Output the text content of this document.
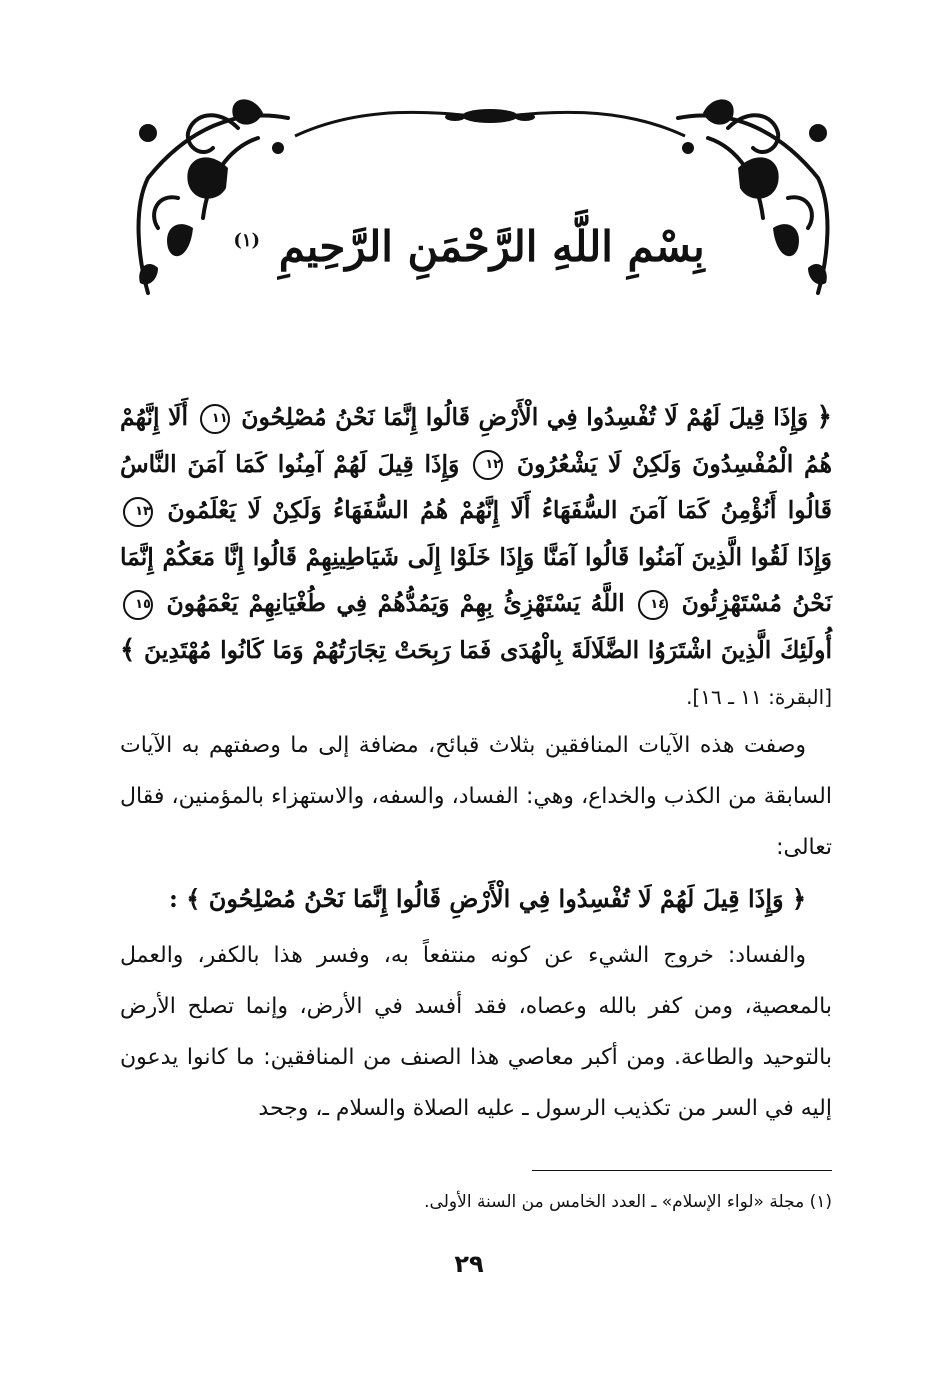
بِسْمِ اللَّهِ الرَّحْمَنِ الرَّحِيمِ $^{(١)}$
﴿ وَإِذَا قِيلَ لَهُمْ لَا تُفْسِدُوا فِي الْأَرْضِ قَالُوا إِنَّمَا نَحْنُ مُصْلِحُونَ ١١ أَلَا إِنَّهُمْ هُمُ الْمُفْسِدُونَ وَلَكِنْ لَا يَشْعُرُونَ ١٢ وَإِذَا قِيلَ لَهُمْ آمِنُوا كَمَا آمَنَ النَّاسُ قَالُوا أَنُؤْمِنُ كَمَا آمَنَ السُّفَهَاءُ أَلَا إِنَّهُمْ هُمُ السُّفَهَاءُ وَلَكِنْ لَا يَعْلَمُونَ ١٣ وَإِذَا لَقُوا الَّذِينَ آمَنُوا قَالُوا آمَنَّا وَإِذَا خَلَوْا إِلَى شَيَاطِينِهِمْ قَالُوا إِنَّا مَعَكُمْ إِنَّمَا نَحْنُ مُسْتَهْزِئُونَ ١٤ اللَّهُ يَسْتَهْزِئُ بِهِمْ وَيَمُدُّهُمْ فِي طُغْيَانِهِمْ يَعْمَهُونَ ١٥ أُولَئِكَ الَّذِينَ اشْتَرَوُا الضَّلَالَةَ بِالْهُدَى فَمَا رَبِحَتْ تِجَارَتُهُمْ وَمَا كَانُوا مُهْتَدِينَ ﴾[البقرة: ١١ ـ ١٦].

وصفت هذه الآيات المنافقين بثلاث قبائح، مضافة إلى ما وصفتهم به الآيات السابقة من الكذب والخداع، وهي: الفساد، والسفه، والاستهزاء بالمؤمنين، فقال تعالى:

﴿ وَإِذَا قِيلَ لَهُمْ لَا تُفْسِدُوا فِي الْأَرْضِ قَالُوا إِنَّمَا نَحْنُ مُصْلِحُونَ ﴾ :

والفساد: خروج الشيء عن كونه منتفعاً به، وفسر هذا بالكفر، والعمل بالمعصية، ومن كفر بالله وعصاه، فقد أفسد في الأرض، وإنما تصلح الأرض بالتوحيد والطاعة. ومن أكبر معاصي هذا الصنف من المنافقين: ما كانوا يدعون إليه في السر من تكذيب الرسول ـ عليه الصلاة والسلام ـ، وجحد

(١) مجلة «لواء الإسلام» ـ العدد الخامس من السنة الأولى.
٢٩
